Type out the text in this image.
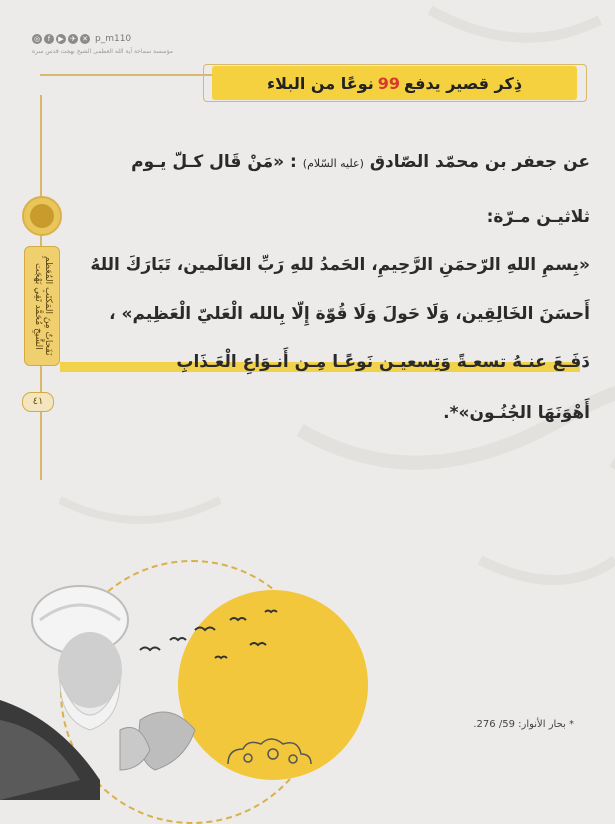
◎	f	▶ ✈ ✕ p_m110
مؤسسة سماحة آية الله العظمى الشيخ بهجت قدس سره
نَفَحاتٌ مِنَ المَكتَبِ المُعَظَّمِ الشَّيخِ مُحَمَّد تَقِي بَهْجَت
٤١
ذِكر قصير يدفع
99
نوعًا من البلاء
عن جعفر بن محمّد الصّادق (عليه السّلام) : «مَنْ قَال كـلّ يـوم
ثلاثيـن مـرّة:
«بِسمِ اللهِ الرّحمَنِ الرَّحِيمِ، الحَمدُ للهِ رَبِّ العَالَمين، تَبَارَكَ اللهُ
أَحسَنَ الخَالِقِين، وَلَا حَولَ وَلَا قُوّة إِلّا بِالله الْعَليّ الْعَظِيم» ،
دَفَـعَ عنـهُ تسعـةً وَتِسعيـن نَوعًـا مِـن أَنـوَاعِ الْعَـذَابِ
أَهْوَنَهَا الجُنُـون»*.
* بحار الأنوار: 59/ 276.
